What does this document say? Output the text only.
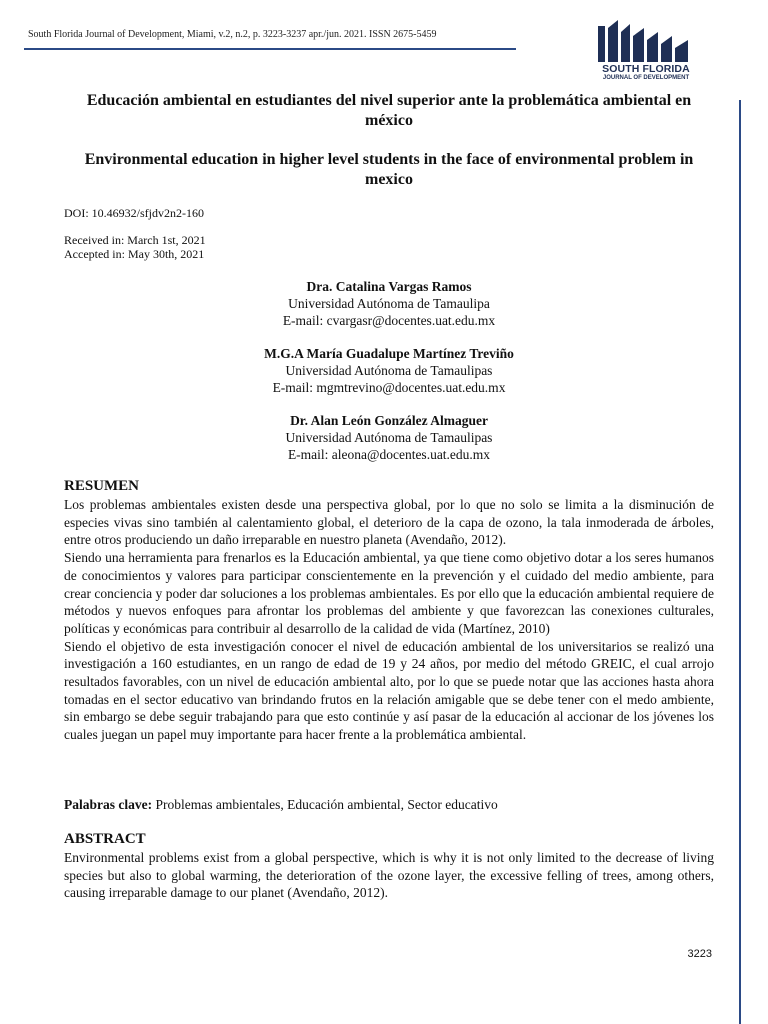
South Florida Journal of Development, Miami, v.2, n.2, p. 3223-3237 apr./jun. 2021. ISSN 2675-5459
SOUTH FLORIDA
JOURNAL OF DEVELOPMENT
Educación ambiental en estudiantes del nivel superior ante la problemática ambiental en méxico
Environmental education in higher level students in the face of environmental problem in mexico
DOI: 10.46932/sfjdv2n2-160
Received in: March 1st, 2021
Accepted in: May 30th, 2021
Dra. Catalina Vargas Ramos
Universidad Autónoma de Tamaulipa
E-mail: cvargasr@docentes.uat.edu.mx
M.G.A María Guadalupe Martínez Treviño
Universidad Autónoma de Tamaulipas
E-mail: mgmtrevino@docentes.uat.edu.mx
Dr. Alan León González Almaguer
Universidad Autónoma de Tamaulipas
E-mail: aleona@docentes.uat.edu.mx
RESUMEN

Los problemas ambientales existen desde una perspectiva global, por lo que no solo se limita a la disminución de especies vivas sino también al calentamiento global, el deterioro de la capa de ozono, la tala inmoderada de árboles, entre otros produciendo un daño irreparable en nuestro planeta (Avendaño, 2012).

Siendo una herramienta para frenarlos es la Educación ambiental, ya que tiene como objetivo dotar a los seres humanos de conocimientos y valores para participar conscientemente en la prevención y el cuidado del medio ambiente, para crear conciencia y poder dar soluciones a los problemas ambientales. Es por ello que la educación ambiental requiere de métodos y nuevos enfoques para afrontar los problemas del ambiente y que favorezcan las conexiones culturales, políticas y económicas para contribuir al desarrollo de la calidad de vida (Martínez, 2010)

Siendo el objetivo de esta investigación conocer el nivel de educación ambiental de los universitarios se realizó una investigación a 160 estudiantes, en un rango de edad de 19 y 24 años, por medio del método GREIC, el cual arrojo resultados favorables, con un nivel de educación ambiental alto, por lo que se puede notar que las acciones hasta ahora tomadas en el sector educativo van brindando frutos en la relación amigable que se debe tener con el medo ambiente, sin embargo se debe seguir trabajando para que esto continúe y así pasar de la educación al accionar de los jóvenes los cuales juegan un papel muy importante para hacer frente a la problemática ambiental.

Palabras clave: Problemas ambientales, Educación ambiental, Sector educativo
ABSTRACT

Environmental problems exist from a global perspective, which is why it is not only limited to the decrease of living species but also to global warming, the deterioration of the ozone layer, the excessive felling of trees, among others, causing irreparable damage to our planet (Avendaño, 2012).

3223
